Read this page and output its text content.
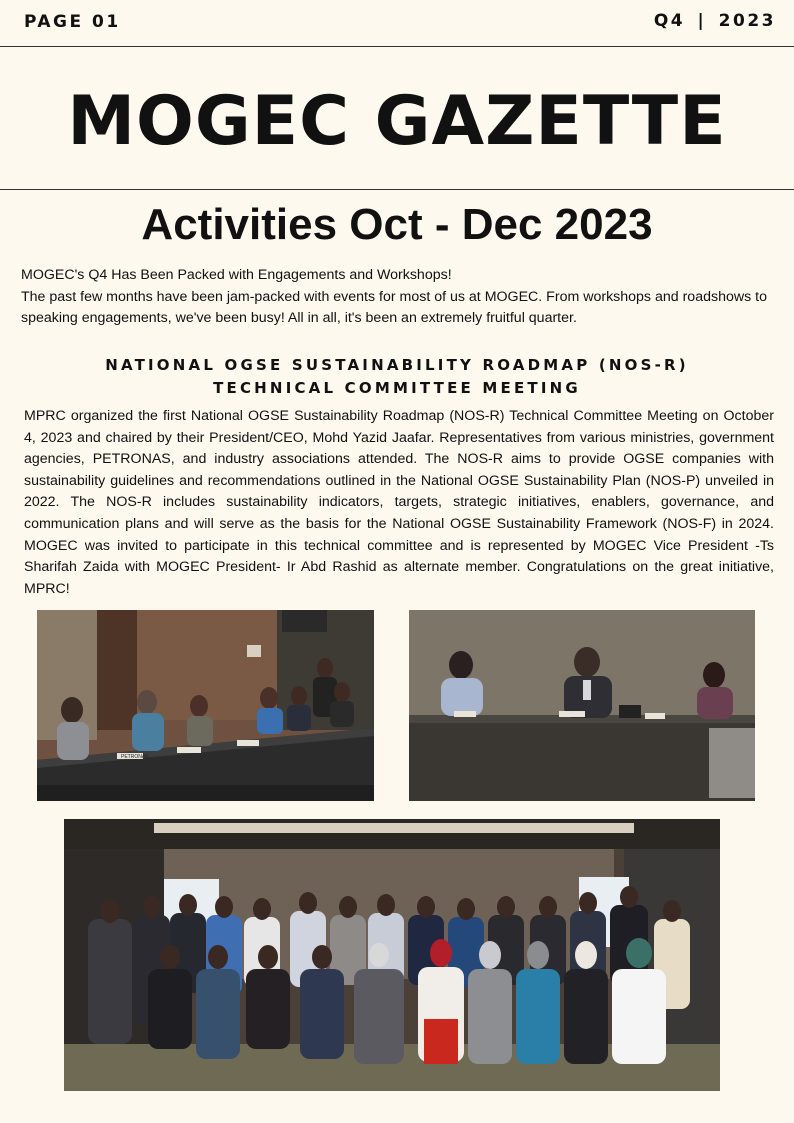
PAGE 01	Q4 | 2023
MOGEC GAZETTE
Activities Oct - Dec 2023

MOGEC's Q4 Has Been Packed with Engagements and Workshops!

The past few months have been jam-packed with events for most of us at MOGEC. From workshops and roadshows to speaking engagements, we've been busy! All in all, it's been an extremely fruitful quarter.

NATIONAL OGSE SUSTAINABILITY ROADMAP (NOS-R)
TECHNICAL COMMITTEE MEETING

MPRC organized the first National OGSE Sustainability Roadmap (NOS-R) Technical Committee Meeting on October 4, 2023 and chaired by their President/CEO, Mohd Yazid Jaafar. Representatives from various ministries, government agencies, PETRONAS, and industry associations attended. The NOS-R aims to provide OGSE companies with sustainability guidelines and recommendations outlined in the National OGSE Sustainability Plan (NOS-P) unveiled in 2022. The NOS-R includes sustainability indicators, targets, strategic initiatives, enablers, governance, and communication plans and will serve as the basis for the National OGSE Sustainability Framework (NOS-F) in 2024. MOGEC was invited to participate in this technical committee and is represented by MOGEC Vice President -Ts Sharifah Zaida with MOGEC President- Ir Abd Rashid as alternate member. Congratulations on the great initiative, MPRC!

PETRONAS
